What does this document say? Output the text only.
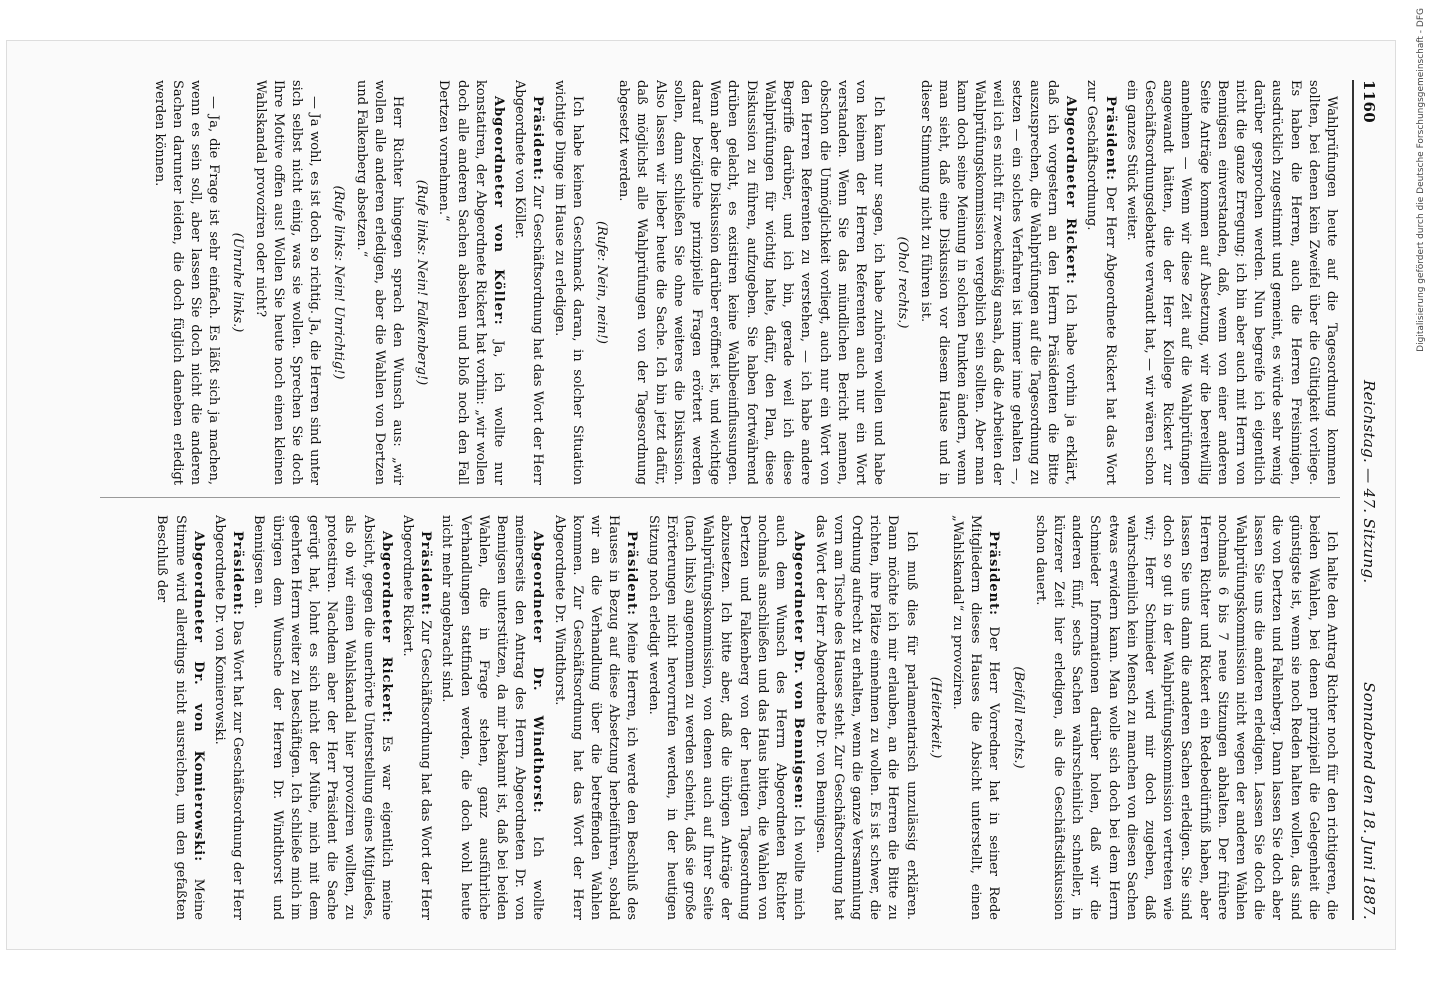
1160
Reichstag. — 47. Sitzung.
Sonnabend den 18. Juni 1887.

Wahlprüfungen heute auf die Tagesordnung kommen sollten, bei denen kein Zweifel über die Gültigkeit vorliege. Es haben die Herren, auch die Herren Freisinnigen, ausdrücklich zugestimmt und gemeint, es würde sehr wenig darüber gesprochen werden. Nun begreife ich eigentlich nicht die ganze Erregung; ich bin aber auch mit Herrn von Bennigsen einverstanden, daß, wenn von einer anderen Seite Anträge kommen auf Absetzung, wir die bereitwillig annehmen — Wenn wir diese Zeit auf die Wahlprüfungen angewandt hätten, die der Herr Kollege Rickert zur Geschäftsordnungsdebatte verwandt hat, — wir wären schon ein ganzes Stück weiter.

Präsident: Der Herr Abgeordnete Rickert hat das Wort zur Geschäftsordnung.

Abgeordneter Rickert: Ich habe vorhin ja erklärt, daß ich vorgestern an den Herrn Präsidenten die Bitte auszusprechen, die Wahlprüfungen auf die Tagesordnung zu setzen — ein solches Verfahren ist immer inne gehalten —, weil ich es nicht für zweckmäßig ansah, daß die Arbeiten der Wahlprüfungskommission vergeblich sein sollten. Aber man kann doch seine Meinung in solchen Punkten ändern, wenn man sieht, daß eine Diskussion vor diesem Hause und in dieser Stimmung nicht zu führen ist.

(Oho! rechts.)

Ich kann nur sagen, ich habe zuhören wollen und habe von keinem der Herren Referenten auch nur ein Wort verstanden. Wenn Sie das mündlichen Bericht nennen, obschon die Unmöglichkeit vorliegt, auch nur ein Wort von den Herren Referenten zu verstehen, — ich habe andere Begriffe darüber, und ich bin, gerade weil ich diese Wahlprüfungen für wichtig halte, dafür, den Plan, diese Diskussion zu führen, aufzugeben. Sie haben fortwährend drüben gelacht, es existiren keine Wahlbeeinflussungen. Wenn aber die Diskussion darüber eröffnet ist, und wichtige darauf bezügliche prinzipielle Fragen erörtert werden sollen, dann schließen Sie ohne weiteres die Diskussion. Also lassen wir lieber heute die Sache. Ich bin jetzt dafür, daß möglichst alle Wahlprüfungen von der Tagesordnung abgesetzt werden.

(Rufe: Nein, nein!)

Ich habe keinen Geschmack daran, in solcher Situation wichtige Dinge im Hause zu erledigen.

Präsident: Zur Geschäftsordnung hat das Wort der Herr Abgeordnete von Köller.

Abgeordneter von Köller: Ja, ich wollte nur konstatiren, der Abgeordnete Rickert hat vorhin: „wir wollen doch alle anderen Sachen absehen und bloß noch den Fall Dertzen vornehmen.“

(Rufe links: Nein! Falkenberg!)

Herr Richter hingegen sprach den Wunsch aus: „wir wollen alle anderen erledigen, aber die Wahlen von Dertzen und Falkenberg absetzen.“

(Rufe links: Nein! Unrichtig!)

— Ja wohl, es ist doch so richtig. Ja, die Herren sind unter sich selbst nicht einig, was sie wollen. Sprechen Sie doch Ihre Motive offen aus! Wollen Sie heute noch einen kleinen Wahlskandal provoziren oder nicht?

(Unruhe links.)

— Ja, die Frage ist sehr einfach. Es läßt sich ja machen, wenn es sein soll, aber lassen Sie doch nicht die anderen Sachen darunter leiden, die doch füglich daneben erledigt werden können.

Ich halte den Antrag Richter noch für den richtigeren, die beiden Wahlen, bei denen prinzipiell die Gelegenheit die günstigste ist, wenn sie noch Reden halten wollen, das sind die von Dertzen und Falkenberg. Dann lassen Sie doch aber lassen Sie uns die anderen erledigen. Lassen Sie doch die Wahlprüfungskommission nicht wegen der anderen Wahlen nochmals 6 bis 7 neue Sitzungen abhalten. Der frühere Herren Richter und Rickert ein Redebedürfniß haben, aber lassen Sie uns dann die anderen Sachen erledigen. Sie sind doch so gut in der Wahlprüfungskommission vertreten wie wir; Herr Schmieder wird mir doch zugeben, daß wahrscheinlich kein Mensch zu manchen von diesen Sachen etwas erwidern kann. Man wolle sich doch bei dem Herrn Schmieder Informationen darüber holen, daß wir die anderen fünf, sechs Sachen wahrscheinlich schneller, in kürzerer Zeit hier erledigen, als die Geschäftsdiskussion schon dauert.

(Beifall rechts.)

Präsident: Der Herr Vorredner hat in seiner Rede Mitgliedern dieses Hauses die Absicht unterstellt, einen „Wahlskandal“ zu provoziren.

(Heiterkeit.)

Ich muß dies für parlamentarisch unzulässig erklären. Dann möchte ich mir erlauben, an die Herren die Bitte zu richten, ihre Plätze einnehmen zu wollen. Es ist schwer, die Ordnung aufrecht zu erhalten, wenn die ganze Versammlung vorn am Tische des Hauses steht. Zur Geschäftsordnung hat das Wort der Herr Abgeordnete Dr. von Bennigsen.

Abgeordneter Dr. von Bennigsen: Ich wollte mich auch dem Wunsch des Herrn Abgeordneten Richter nochmals anschließen und das Haus bitten, die Wahlen von Dertzen und Falkenberg von der heutigen Tagesordnung abzusetzen. Ich bitte aber, daß die übrigen Anträge der Wahlprüfungskommission, von denen auch auf Ihrer Seite (nach links) angenommen zu werden scheint, daß sie große Erörterungen nicht hervorrufen werden, in der heutigen Sitzung noch erledigt werden.

Präsident: Meine Herren, ich werde den Beschluß des Hauses in Bezug auf diese Absetzung herbeiführen, sobald wir an die Verhandlung über die betreffenden Wahlen kommen. Zur Geschäftsordnung hat das Wort der Herr Abgeordnete Dr. Windthorst.

Abgeordneter Dr. Windthorst: Ich wollte meinerseits den Antrag des Herrn Abgeordneten Dr. von Bennigsen unterstützen, da mir bekannt ist, daß bei beiden Wahlen, die in Frage stehen, ganz ausführliche Verhandlungen stattfinden werden, die doch wohl heute nicht mehr angebracht sind.

Präsident: Zur Geschäftsordnung hat das Wort der Herr Abgeordnete Rickert.

Abgeordneter Rickert: Es war eigentlich meine Absicht, gegen die unerhörte Unterstellung eines Mitgliedes, als ob wir einen Wahlskandal hier provoziren wollten, zu protestiren. Nachdem aber der Herr Präsident die Sache gerügt hat, lohnt es sich nicht der Mühe, mich mit dem geehrten Herrn weiter zu beschäftigen. Ich schließe mich im übrigen dem Wunsche der Herren Dr. Windthorst und Bennigsen an.

Präsident: Das Wort hat zur Geschäftsordnung der Herr Abgeordnete Dr. von Komierowski.

Abgeordneter Dr. von Komierowski: Meine Stimme wird allerdings nicht ausreichen, um den gefaßten Beschluß der

Digitalisierung gefördert durch die Deutsche Forschungsgemeinschaft - DFG
